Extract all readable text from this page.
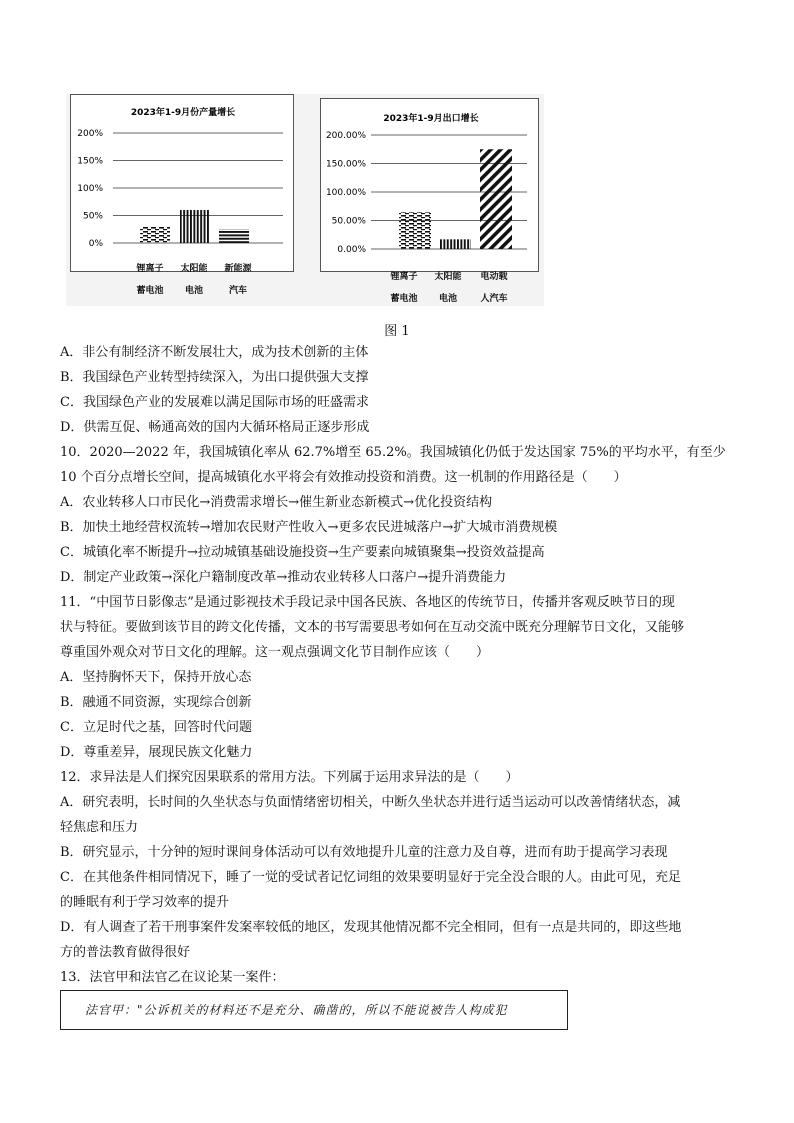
2023年1-9月份产量增长
200%
150%
100%
50%
0%
2023年1-9月出口增长
200.00%
150.00%
100.00%
50.00%
0.00%
锂离子
蓄电池
太阳能
电池
新能源
汽车
锂离子
蓄电池
太阳能
电池
电动载
人汽车
图 1
A．非公有制经济不断发展壮大，成为技术创新的主体
B．我国绿色产业转型持续深入，为出口提供强大支撑
C．我国绿色产业的发展难以满足国际市场的旺盛需求
D．供需互促、畅通高效的国内大循环格局正逐步形成
10．2020—2022 年，我国城镇化率从 62.7%增至 65.2%。我国城镇化仍低于发达国家 75%的平均水平，有至少
10 个百分点增长空间，提高城镇化水平将会有效推动投资和消费。这一机制的作用路径是（　　）
A．农业转移人口市民化→消费需求增长→催生新业态新模式→优化投资结构
B．加快土地经营权流转→增加农民财产性收入→更多农民进城落户→扩大城市消费规模
C．城镇化率不断提升→拉动城镇基础设施投资→生产要素向城镇聚集→投资效益提高
D．制定产业政策→深化户籍制度改革→推动农业转移人口落户→提升消费能力
11．“中国节日影像志”是通过影视技术手段记录中国各民族、各地区的传统节日，传播并客观反映节日的现
状与特征。要做到该节目的跨文化传播，文本的书写需要思考如何在互动交流中既充分理解节日文化，又能够
尊重国外观众对节日文化的理解。这一观点强调文化节目制作应该（　　）
A．坚持胸怀天下，保持开放心态
B．融通不同资源，实现综合创新
C．立足时代之基，回答时代问题
D．尊重差异，展现民族文化魅力
12．求异法是人们探究因果联系的常用方法。下列属于运用求异法的是（　　）
A．研究表明，长时间的久坐状态与负面情绪密切相关，中断久坐状态并进行适当运动可以改善情绪状态，减
轻焦虑和压力
B．研究显示，十分钟的短时课间身体活动可以有效地提升儿童的注意力及自尊，进而有助于提高学习表现
C．在其他条件相同情况下，睡了一觉的受试者记忆词组的效果要明显好于完全没合眼的人。由此可见，充足
的睡眠有利于学习效率的提升
D．有人调查了若干刑事案件发案率较低的地区，发现其他情况都不完全相同，但有一点是共同的，即这些地
方的普法教育做得很好
13．法官甲和法官乙在议论某一案件：
法官甲："公诉机关的材料还不是充分、确凿的，所以不能说被告人构成犯
